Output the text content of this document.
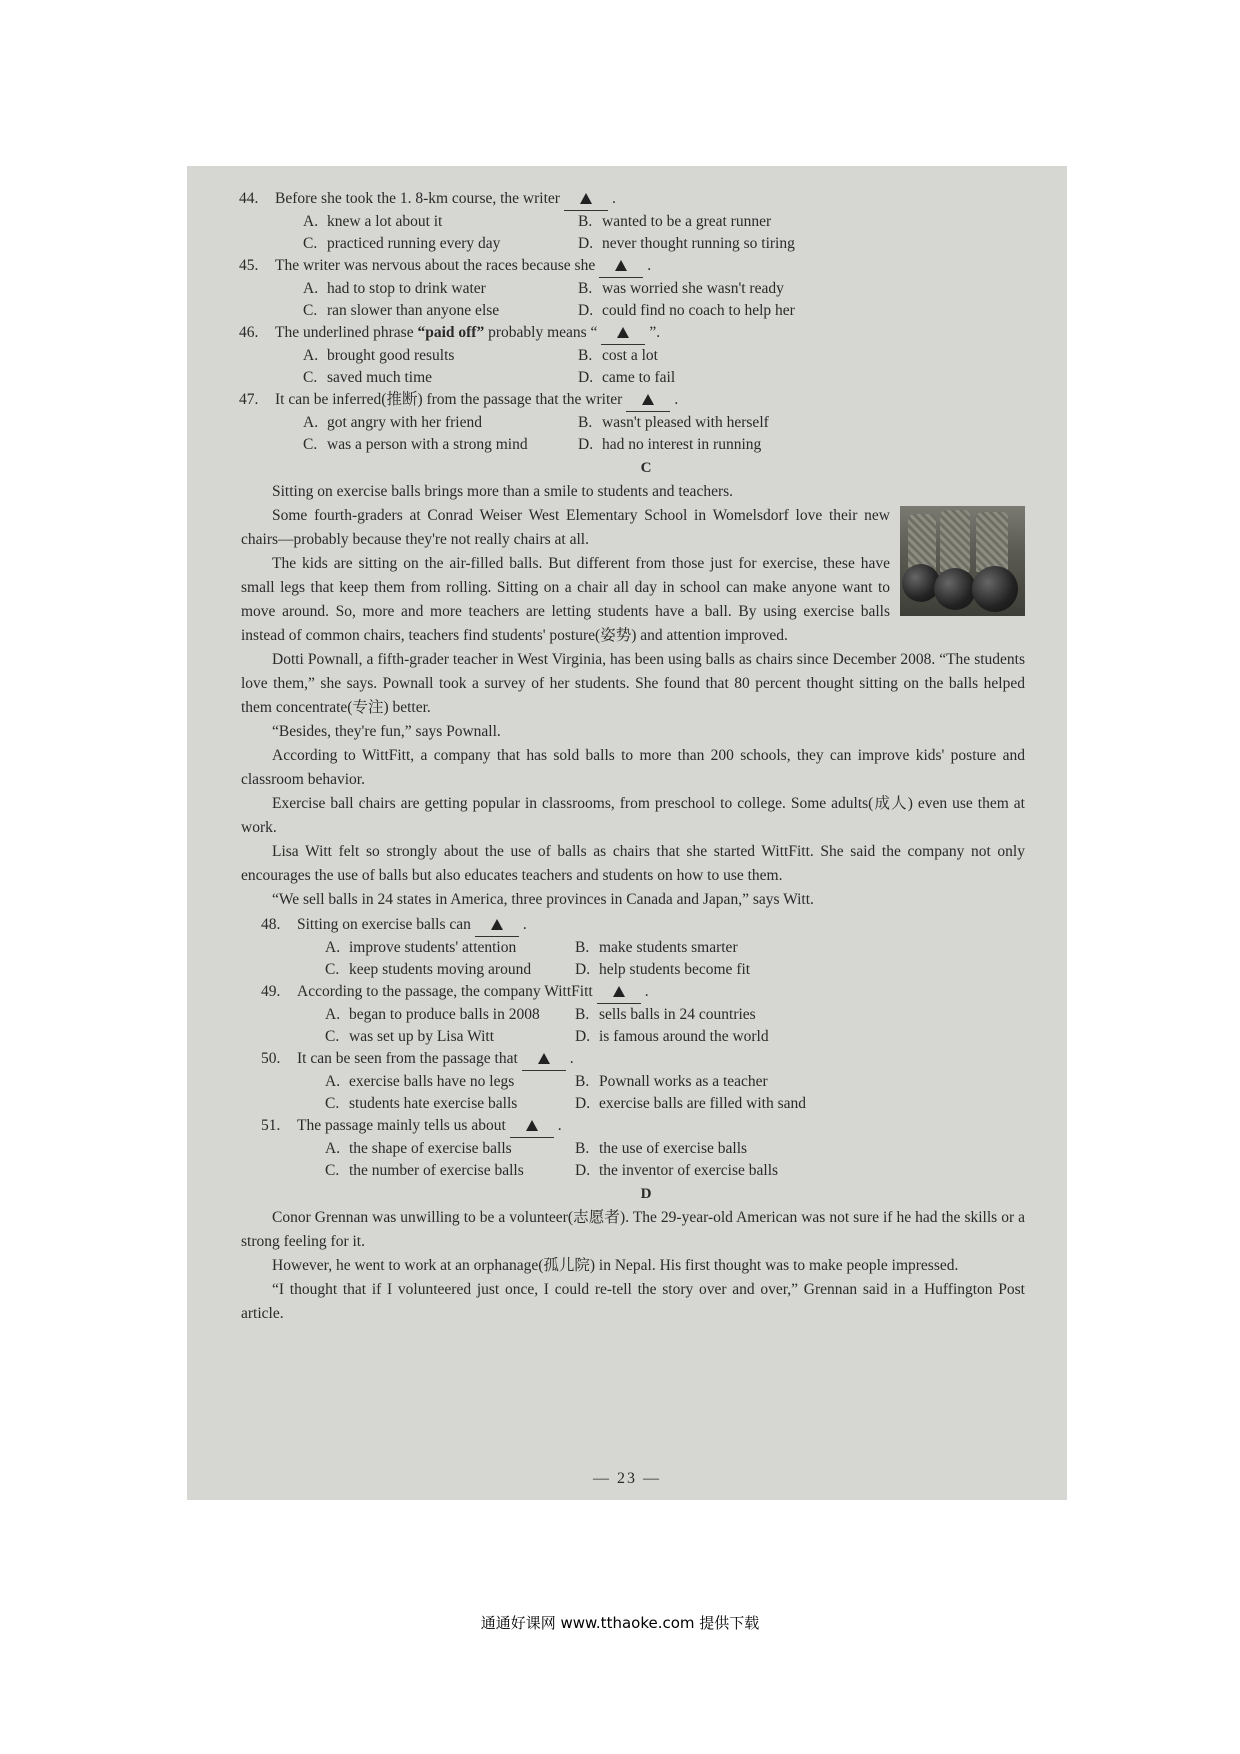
44.	Before she took the 1. 8-km course, the writer	.
A. knew a lot about it	B. wanted to be a great runner
C. practiced running every day	D. never thought running so tiring
45.	The writer was nervous about the races because she	.
A. had to stop to drink water	B. was worried she wasn't ready
C. ran slower than anyone else	D. could find no coach to help her
46.	The underlined phrase “paid off” probably means “	”.
A. brought good results	B. cost a lot
C. saved much time	D. came to fail
47.	It can be inferred(推断) from the passage that the writer	.
A. got angry with her friend	B. wasn't pleased with herself
C. was a person with a strong mind	D. had no interest in running
C

Sitting on exercise balls brings more than a smile to students and teachers.

Some fourth-graders at Conrad Weiser West Elementary School in Womelsdorf love their new chairs—probably because they're not really chairs at all.

The kids are sitting on the air-filled balls. But different from those just for exercise, these have small legs that keep them from rolling. Sitting on a chair all day in school can make anyone want to move around. So, more and more teachers are letting students have a ball. By using exercise balls instead of common chairs, teachers find students' posture(姿势) and attention improved.

Dotti Pownall, a fifth-grader teacher in West Virginia, has been using balls as chairs since December 2008. “The students love them,” she says. Pownall took a survey of her students. She found that 80 percent thought sitting on the balls helped them concentrate(专注) better.

“Besides, they're fun,” says Pownall.

According to WittFitt, a company that has sold balls to more than 200 schools, they can improve kids' posture and classroom behavior.

Exercise ball chairs are getting popular in classrooms, from preschool to college. Some adults(成人) even use them at work.

Lisa Witt felt so strongly about the use of balls as chairs that she started WittFitt. She said the company not only encourages the use of balls but also educates teachers and students on how to use them.

“We sell balls in 24 states in America, three provinces in Canada and Japan,” says Witt.

48.	Sitting on exercise balls can	.
A. improve students' attention	B. make students smarter
C. keep students moving around	D. help students become fit
49.	According to the passage, the company WittFitt	.
A. began to produce balls in 2008 B. sells balls in 24 countries
C. was set up by Lisa Witt	D. is famous around the world
50.	It can be seen from the passage that	.
A. exercise balls have no legs	B. Pownall works as a teacher
C. students hate exercise balls	D. exercise balls are filled with sand
51.	The passage mainly tells us about	.
A. the shape of exercise balls	B. the use of exercise balls
C. the number of exercise balls	D. the inventor of exercise balls
D

Conor Grennan was unwilling to be a volunteer(志愿者). The 29-year-old American was not sure if he had the skills or a strong feeling for it.

However, he went to work at an orphanage(孤儿院) in Nepal. His first thought was to make people impressed.

“I thought that if I volunteered just once, I could re-tell the story over and over,” Grennan said in a Huffington Post article.

— 23 —
通通好课网 www.tthaoke.com 提供下载
